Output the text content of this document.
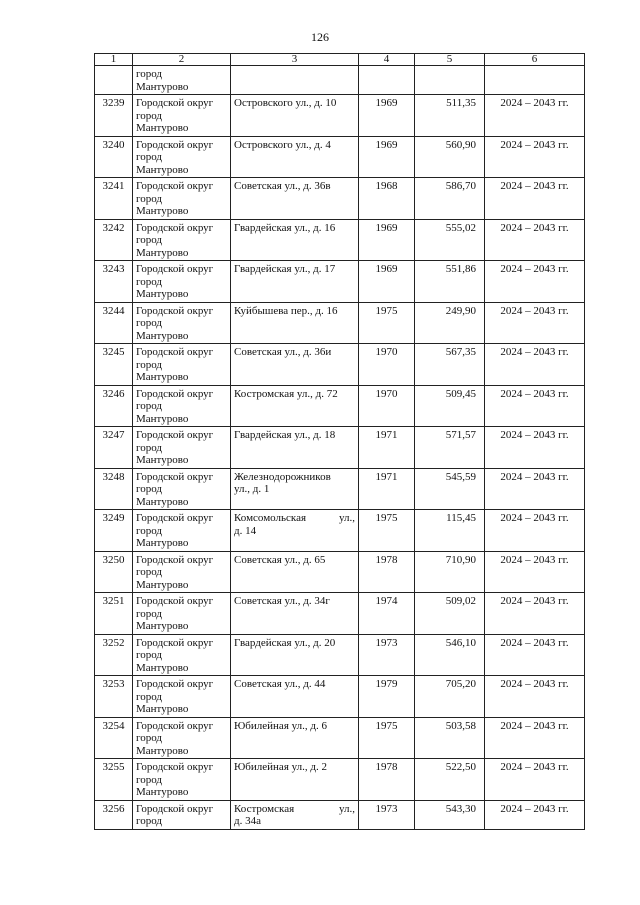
126
1	2	3	4	5	6

	город
Мантурово				

3239	Городской округ
город
Мантурово	Островского ул., д. 10	1969	511,35	2024 – 2043 гг.
3240	Городской округ
город
Мантурово	Островского ул., д. 4	1969	560,90	2024 – 2043 гг.
3241	Городской округ
город
Мантурово	Советская ул., д. 36в	1968	586,70	2024 – 2043 гг.
3242	Городской округ
город
Мантурово	Гвардейская ул., д. 16	1969	555,02	2024 – 2043 гг.
3243	Городской округ
город
Мантурово	Гвардейская ул., д. 17	1969	551,86	2024 – 2043 гг.
3244	Городской округ
город
Мантурово	Куйбышева пер., д. 16	1975	249,90	2024 – 2043 гг.
3245	Городской округ
город
Мантурово	Советская ул., д. 36и	1970	567,35	2024 – 2043 гг.
3246	Городской округ
город
Мантурово	Костромская ул., д. 72	1970	509,45	2024 – 2043 гг.
3247	Городской округ
город
Мантурово	Гвардейская ул., д. 18	1971	571,57	2024 – 2043 гг.
3248	Городской округ
город
Мантурово	Железнодорожников
ул., д. 1	1971	545,59	2024 – 2043 гг.
3249	Городской округ
город
Мантурово	Комсомольская ул.,
д. 14	1975	115,45	2024 – 2043 гг.
3250	Городской округ
город
Мантурово	Советская ул., д. 65	1978	710,90	2024 – 2043 гг.
3251	Городской округ
город
Мантурово	Советская ул., д. 34г	1974	509,02	2024 – 2043 гг.
3252	Городской округ
город
Мантурово	Гвардейская ул., д. 20	1973	546,10	2024 – 2043 гг.
3253	Городской округ
город
Мантурово	Советская ул., д. 44	1979	705,20	2024 – 2043 гг.
3254	Городской округ
город
Мантурово	Юбилейная ул., д. 6	1975	503,58	2024 – 2043 гг.
3255	Городской округ
город
Мантурово	Юбилейная ул., д. 2	1978	522,50	2024 – 2043 гг.
3256	Городской округ
город	Костромская ул.,
д. 34а	1973	543,30	2024 – 2043 гг.
